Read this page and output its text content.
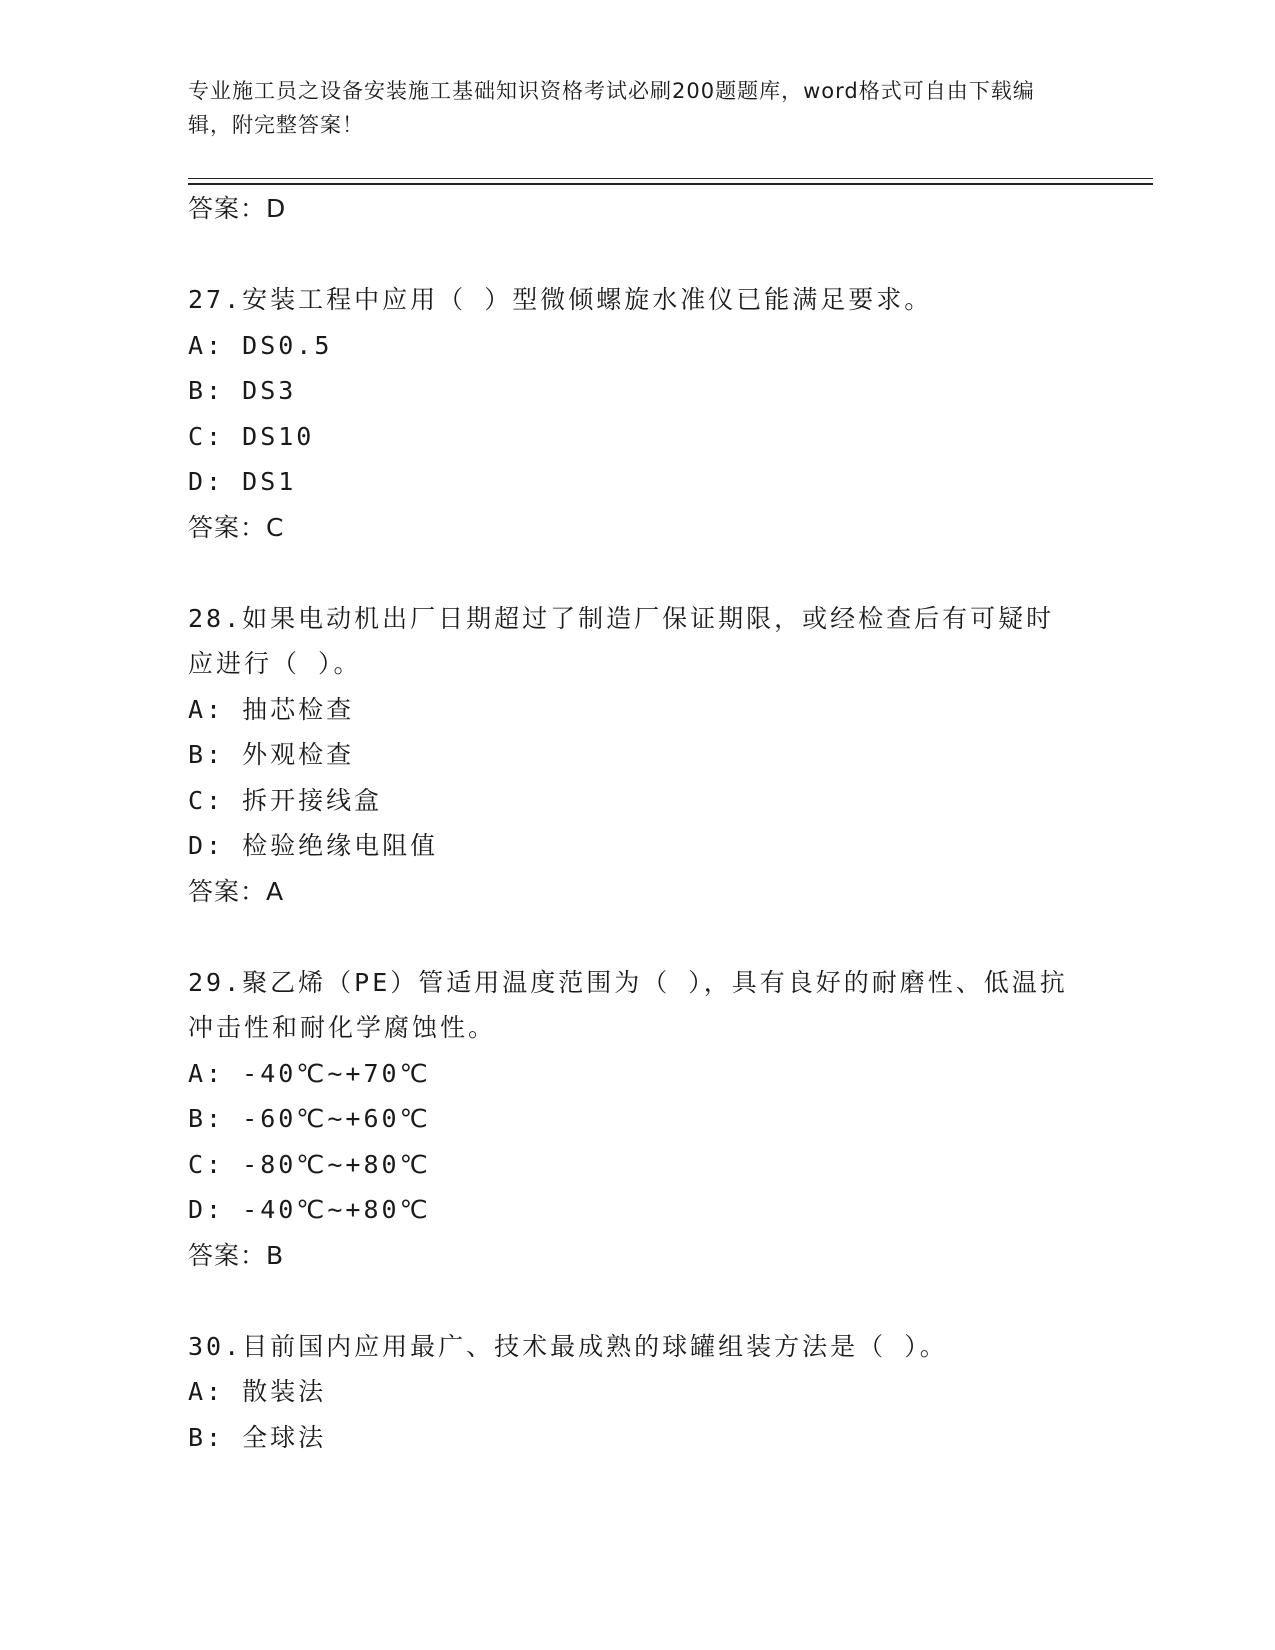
专业施工员之设备安装施工基础知识资格考试必刷200题题库，word格式可自由下载编辑，附完整答案！
答案：D
27.安装工程中应用（ ）型微倾螺旋水准仪已能满足要求。
A: DS0.5
B: DS3
C: DS10
D: DS1
答案：C
28.如果电动机出厂日期超过了制造厂保证期限，或经检查后有可疑时应进行（ ）。
A: 抽芯检查
B: 外观检查
C: 拆开接线盒
D: 检验绝缘电阻值
答案：A
29.聚乙烯（PE）管适用温度范围为（ ），具有良好的耐磨性、低温抗冲击性和耐化学腐蚀性。
A: -40℃~+70℃
B: -60℃~+60℃
C: -80℃~+80℃
D: -40℃~+80℃
答案：B
30.目前国内应用最广、技术最成熟的球罐组装方法是（ ）。
A: 散装法
B: 全球法
